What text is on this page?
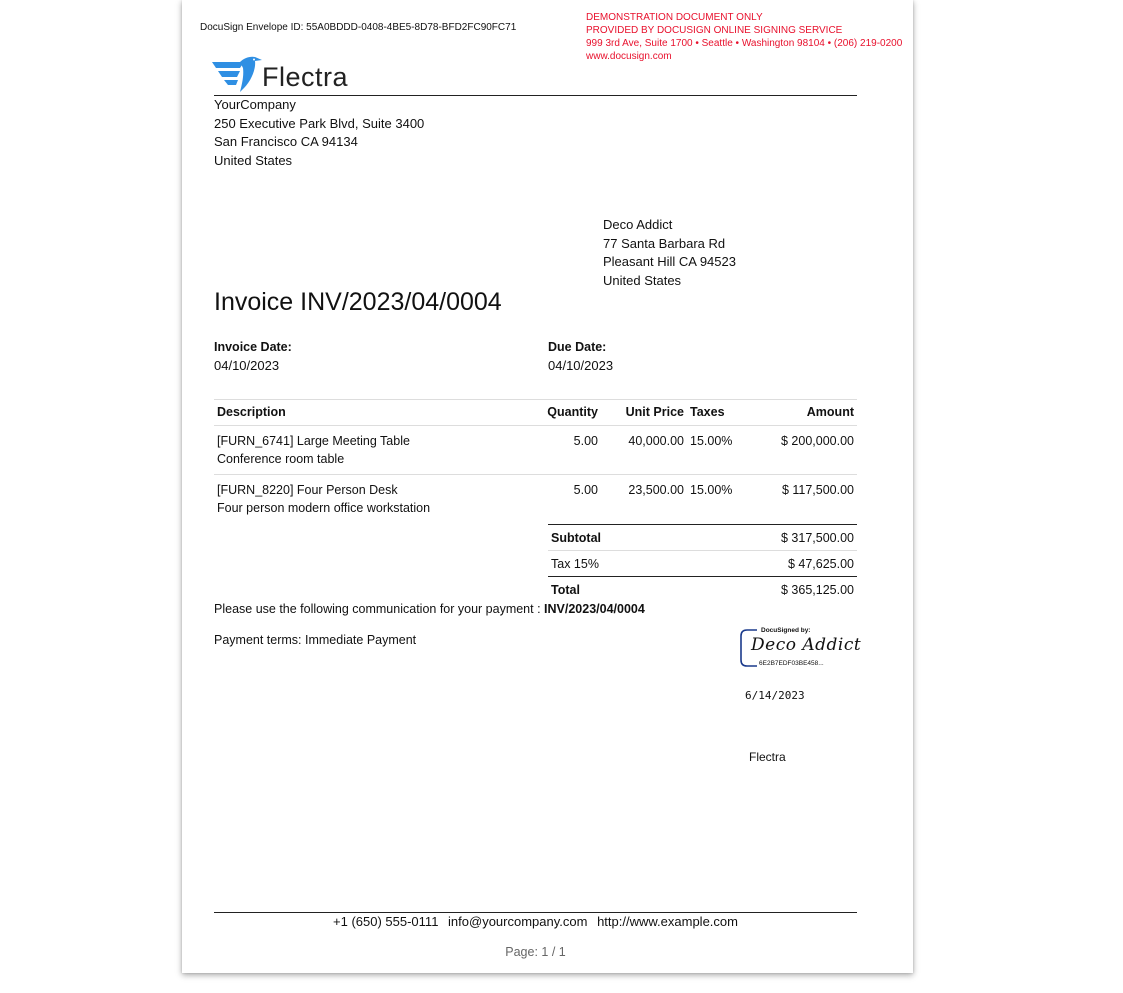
DocuSign Envelope ID: 55A0BDDD-0408-4BE5-8D78-BFD2FC90FC71
DEMONSTRATION DOCUMENT ONLY
PROVIDED BY DOCUSIGN ONLINE SIGNING SERVICE
999 3rd Ave, Suite 1700 • Seattle • Washington 98104 • (206) 219-0200
www.docusign.com
Flectra
YourCompany
250 Executive Park Blvd, Suite 3400
San Francisco CA 94134
United States
Deco Addict
77 Santa Barbara Rd
Pleasant Hill CA 94523
United States
Invoice INV/2023/04/0004
Invoice Date:
04/10/2023
Due Date:
04/10/2023
Description	Quantity	Unit Price	Taxes	Amount

[FURN_6741] Large Meeting Table
Conference room table	5.00	40,000.00	15.00%	$ 200,000.00

[FURN_8220] Four Person Desk
Four person modern office workstation	5.00	23,500.00	15.00%	$ 117,500.00
Subtotal	$ 317,500.00
Tax 15%	$ 47,625.00
Total	$ 365,125.00
Please use the following communication for your payment : INV/2023/04/0004
Payment terms: Immediate Payment
DocuSigned by:
Deco Addict
6E2B7EDF03BE458...
6/14/2023
Flectra
+1 (650) 555-0111 info@yourcompany.com http://www.example.com
Page: 1 / 1
